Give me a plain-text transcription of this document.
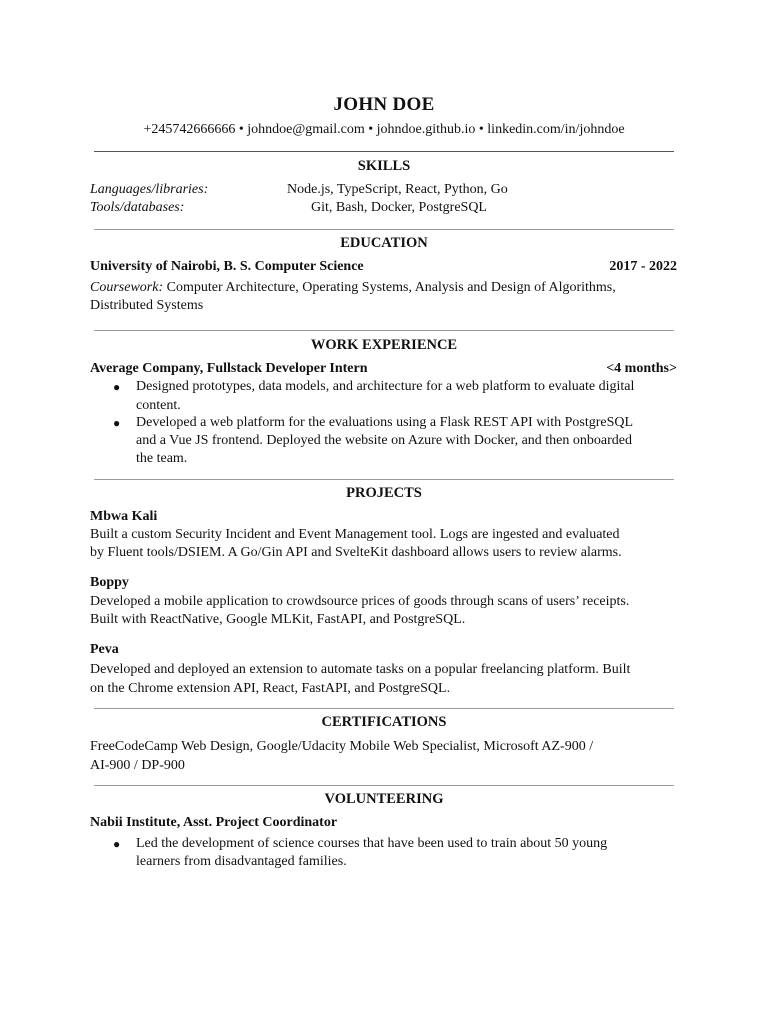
JOHN DOE
+245742666666 • johndoe@gmail.com • johndoe.github.io • linkedin.com/in/johndoe
SKILLS
Languages/libraries:	Node.js, TypeScript, React, Python, Go
Tools/databases:	Git, Bash, Docker, PostgreSQL
EDUCATION
University of Nairobi, B. S. Computer Science	2017 - 2022
Coursework: Computer Architecture, Operating Systems, Analysis and Design of Algorithms,
Distributed Systems
WORK EXPERIENCE
Average Company, Fullstack Developer Intern	<4 months>
● Designed prototypes, data models, and architecture for a web platform to evaluate digital
content.
● Developed a web platform for the evaluations using a Flask REST API with PostgreSQL
and a Vue JS frontend. Deployed the website on Azure with Docker, and then onboarded
the team.
PROJECTS
Mbwa Kali
Built a custom Security Incident and Event Management tool. Logs are ingested and evaluated
by Fluent tools/DSIEM. A Go/Gin API and SvelteKit dashboard allows users to review alarms.
Boppy
Developed a mobile application to crowdsource prices of goods through scans of users’ receipts.
Built with ReactNative, Google MLKit, FastAPI, and PostgreSQL.
Peva
Developed and deployed an extension to automate tasks on a popular freelancing platform. Built
on the Chrome extension API, React, FastAPI, and PostgreSQL.
CERTIFICATIONS
FreeCodeCamp Web Design, Google/Udacity Mobile Web Specialist, Microsoft AZ-900 /
AI-900 / DP-900
VOLUNTEERING
Nabii Institute, Asst. Project Coordinator
● Led the development of science courses that have been used to train about 50 young
learners from disadvantaged families.
